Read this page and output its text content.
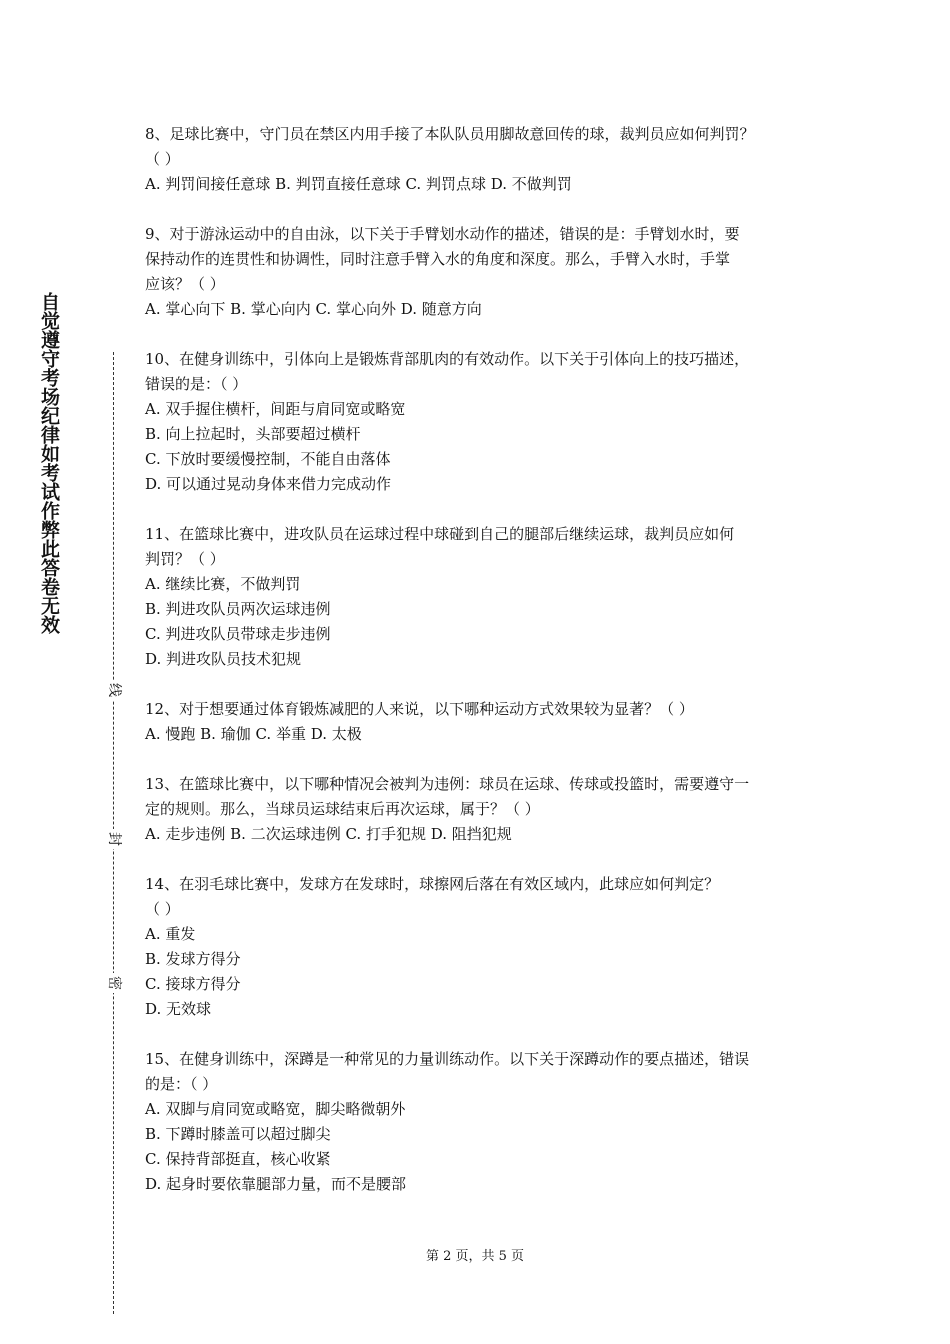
自觉遵守考场纪律如考试作弊此答卷无效
线
封
密

8、足球比赛中，守门员在禁区内用手接了本队队员用脚故意回传的球，裁判员应如何判罚？

（ ）

A. 判罚间接任意球 B. 判罚直接任意球 C. 判罚点球 D. 不做判罚

9、对于游泳运动中的自由泳，以下关于手臂划水动作的描述，错误的是：手臂划水时，要

保持动作的连贯性和协调性，同时注意手臂入水的角度和深度。那么，手臂入水时，手掌

应该？（ ）

A. 掌心向下 B. 掌心向内 C. 掌心向外 D. 随意方向

10、在健身训练中，引体向上是锻炼背部肌肉的有效动作。以下关于引体向上的技巧描述，

错误的是：（ ）

A. 双手握住横杆，间距与肩同宽或略宽

B. 向上拉起时，头部要超过横杆

C. 下放时要缓慢控制，不能自由落体

D. 可以通过晃动身体来借力完成动作

11、在篮球比赛中，进攻队员在运球过程中球碰到自己的腿部后继续运球，裁判员应如何

判罚？（ ）

A. 继续比赛，不做判罚

B. 判进攻队员两次运球违例

C. 判进攻队员带球走步违例

D. 判进攻队员技术犯规

12、对于想要通过体育锻炼减肥的人来说，以下哪种运动方式效果较为显著？（ ）

A. 慢跑 B. 瑜伽 C. 举重 D. 太极

13、在篮球比赛中，以下哪种情况会被判为违例：球员在运球、传球或投篮时，需要遵守一

定的规则。那么，当球员运球结束后再次运球，属于？（ ）

A. 走步违例 B. 二次运球违例 C. 打手犯规 D. 阻挡犯规

14、在羽毛球比赛中，发球方在发球时，球擦网后落在有效区域内，此球应如何判定？

（ ）

A. 重发

B. 发球方得分

C. 接球方得分

D. 无效球

15、在健身训练中，深蹲是一种常见的力量训练动作。以下关于深蹲动作的要点描述，错误

的是：（ ）

A. 双脚与肩同宽或略宽，脚尖略微朝外

B. 下蹲时膝盖可以超过脚尖

C. 保持背部挺直，核心收紧

D. 起身时要依靠腿部力量，而不是腰部

第 2 页，共 5 页
